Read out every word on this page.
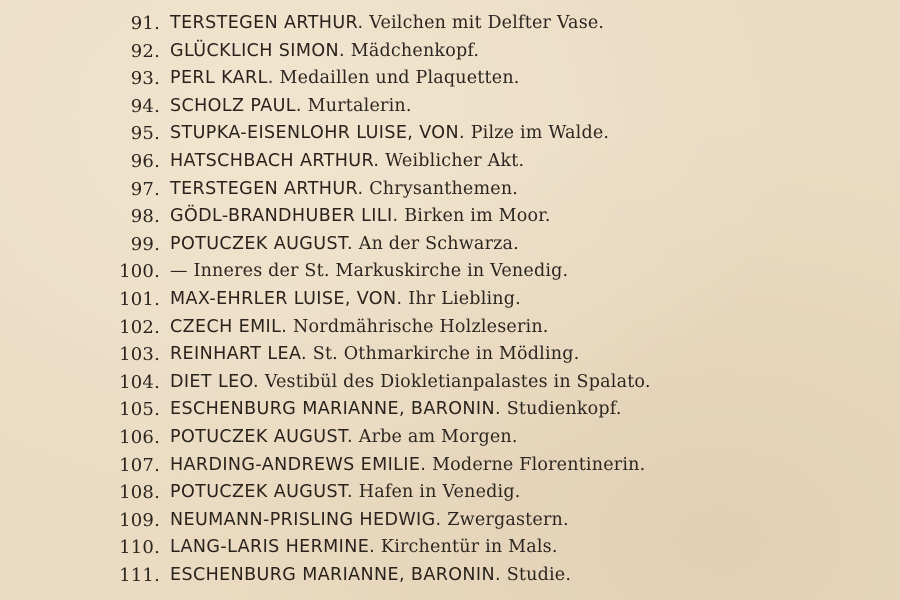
91. TERSTEGEN ARTHUR. Veilchen mit Delfter Vase.
92. GLÜCKLICH SIMON. Mädchenkopf.
93. PERL KARL. Medaillen und Plaquetten.
94. SCHOLZ PAUL. Murtalerin.
95. STUPKA-EISENLOHR LUISE, VON. Pilze im Walde.
96. HATSCHBACH ARTHUR. Weiblicher Akt.
97. TERSTEGEN ARTHUR. Chrysanthemen.
98. GÖDL-BRANDHUBER LILI. Birken im Moor.
99. POTUCZEK AUGUST. An der Schwarza.
100. — Inneres der St. Markuskirche in Venedig.
101. MAX-EHRLER LUISE, VON. Ihr Liebling.
102. CZECH EMIL. Nordmährische Holzleserin.
103. REINHART LEA. St. Othmarkirche in Mödling.
104. DIET LEO. Vestibül des Diokletianpalastes in Spalato.
105. ESCHENBURG MARIANNE, BARONIN. Studienkopf.
106. POTUCZEK AUGUST. Arbe am Morgen.
107. HARDING-ANDREWS EMILIE. Moderne Florentinerin.
108. POTUCZEK AUGUST. Hafen in Venedig.
109. NEUMANN-PRISLING HEDWIG. Zwergastern.
110. LANG-LARIS HERMINE. Kirchentür in Mals.
111. ESCHENBURG MARIANNE, BARONIN. Studie.
